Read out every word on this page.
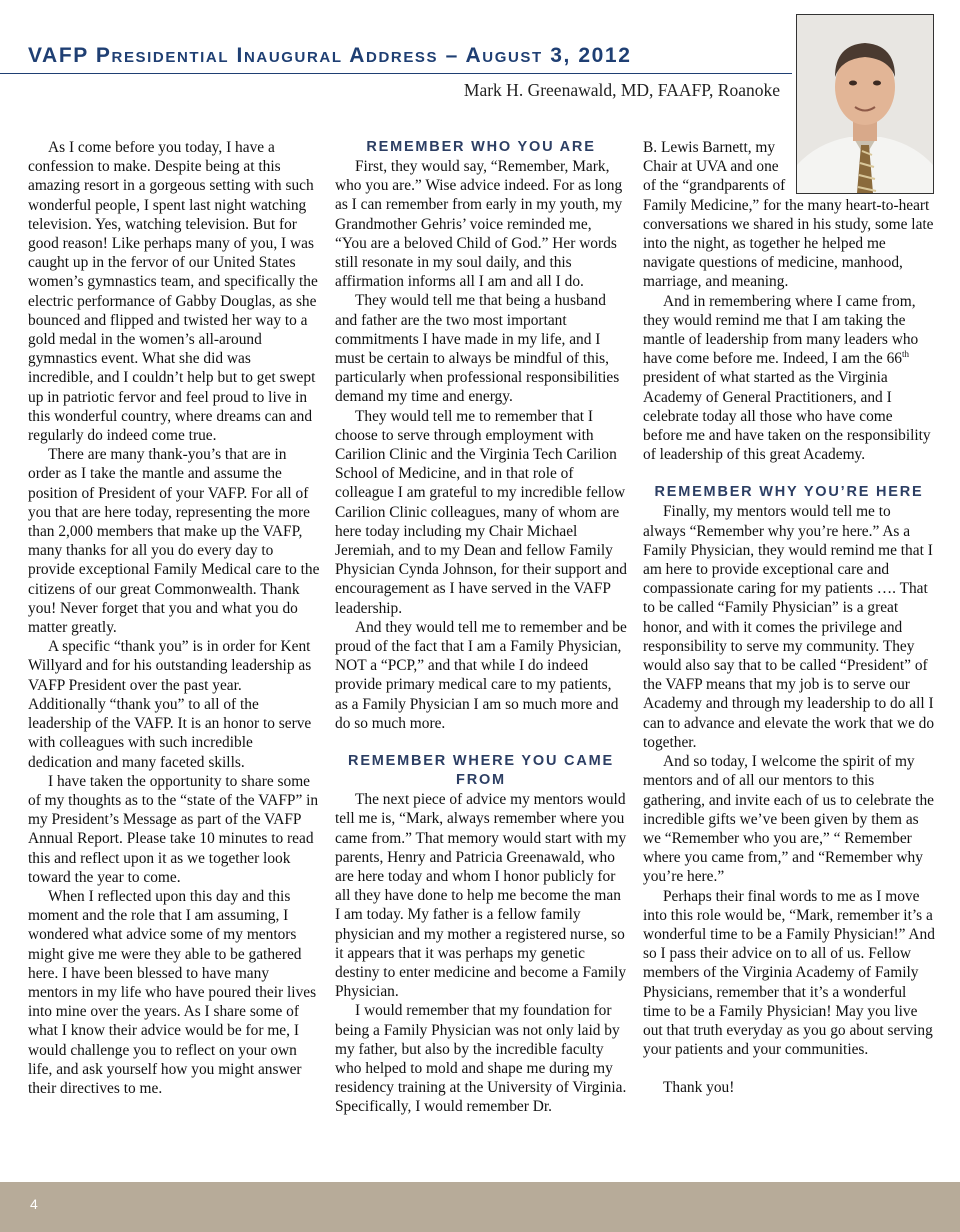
VAFP Presidential Inaugural Address – August 3, 2012
Mark H. Greenawald, MD, FAAFP, Roanoke

As I come before you today, I have a confession to make. Despite being at this amazing resort in a gorgeous setting with such wonderful people, I spent last night watching television. Yes, watching television. But for good reason! Like perhaps many of you, I was caught up in the fervor of our United States women’s gymnastics team, and specifically the electric performance of Gabby Douglas, as she bounced and flipped and twisted her way to a gold medal in the women’s all-around gymnastics event. What she did was incredible, and I couldn’t help but to get swept up in patriotic fervor and feel proud to live in this wonderful country, where dreams can and regularly do indeed come true.

There are many thank-you’s that are in order as I take the mantle and assume the position of President of your VAFP. For all of you that are here today, representing the more than 2,000 members that make up the VAFP, many thanks for all you do every day to provide exceptional Family Medical care to the citizens of our great Commonwealth. Thank you! Never forget that you and what you do matter greatly.

A specific “thank you” is in order for Kent Willyard and for his outstanding leadership as VAFP President over the past year. Additionally “thank you” to all of the leadership of the VAFP. It is an honor to serve with colleagues with such incredible dedication and many faceted skills.

I have taken the opportunity to share some of my thoughts as to the “state of the VAFP” in my President’s Message as part of the VAFP Annual Report. Please take 10 minutes to read this and reflect upon it as we together look toward the year to come.

When I reflected upon this day and this moment and the role that I am assuming, I wondered what advice some of my mentors might give me were they able to be gathered here. I have been blessed to have many mentors in my life who have poured their lives into mine over the years. As I share some of what I know their advice would be for me, I would challenge you to reflect on your own life, and ask yourself how you might answer their directives to me.

REMEMBER WHO YOU ARE

First, they would say, “Remember, Mark, who you are.” Wise advice indeed. For as long as I can remember from early in my youth, my Grandmother Gehris’ voice reminded me, “You are a beloved Child of God.” Her words still resonate in my soul daily, and this affirmation informs all I am and all I do.

They would tell me that being a husband and father are the two most important commitments I have made in my life, and I must be certain to always be mindful of this, particularly when professional responsibilities demand my time and energy.

They would tell me to remember that I choose to serve through employment with Carilion Clinic and the Virginia Tech Carilion School of Medicine, and in that role of colleague I am grateful to my incredible fellow Carilion Clinic colleagues, many of whom are here today including my Chair Michael Jeremiah, and to my Dean and fellow Family Physician Cynda Johnson, for their support and encouragement as I have served in the VAFP leadership.

And they would tell me to remember and be proud of the fact that I am a Family Physician, NOT a “PCP,” and that while I do indeed provide primary medical care to my patients, as a Family Physician I am so much more and do so much more.

REMEMBER WHERE YOU CAME FROM

The next piece of advice my mentors would tell me is, “Mark, always remember where you came from.” That memory would start with my parents, Henry and Patricia Greenawald, who are here today and whom I honor publicly for all they have done to help me become the man I am today. My father is a fellow family physician and my mother a registered nurse, so it appears that it was perhaps my genetic destiny to enter medicine and become a Family Physician.

I would remember that my foundation for being a Family Physician was not only laid by my father, but also by the incredible faculty who helped to mold and shape me during my residency training at the University of Virginia. Specifically, I would remember Dr.

B. Lewis Barnett, my Chair at UVA and one of the “grandparents of

Family Medicine,” for the many heart-to-heart conversations we shared in his study, some late into the night, as together he helped me navigate questions of medicine, manhood, marriage, and meaning.

And in remembering where I came from, they would remind me that I am taking the mantle of leadership from many leaders who have come before me. Indeed, I am the 66th president of what started as the Virginia Academy of General Practitioners, and I celebrate today all those who have come before me and have taken on the responsibility of leadership of this great Academy.

REMEMBER WHY YOU’RE HERE

Finally, my mentors would tell me to always “Remember why you’re here.” As a Family Physician, they would remind me that I am here to provide exceptional care and compassionate caring for my patients …. That to be called “Family Physician” is a great honor, and with it comes the privilege and responsibility to serve my community. They would also say that to be called “President” of the VAFP means that my job is to serve our Academy and through my leadership to do all I can to advance and elevate the work that we do together.

And so today, I welcome the spirit of my mentors and of all our mentors to this gathering, and invite each of us to celebrate the incredible gifts we’ve been given by them as we “Remember who you are,” “ Remember where you came from,” and “Remember why you’re here.”

Perhaps their final words to me as I move into this role would be, “Mark, remember it’s a wonderful time to be a Family Physician!” And so I pass their advice on to all of us. Fellow members of the Virginia Academy of Family Physicians, remember that it’s a wonderful time to be a Family Physician! May you live out that truth everyday as you go about serving your patients and your communities.

Thank you!

4
